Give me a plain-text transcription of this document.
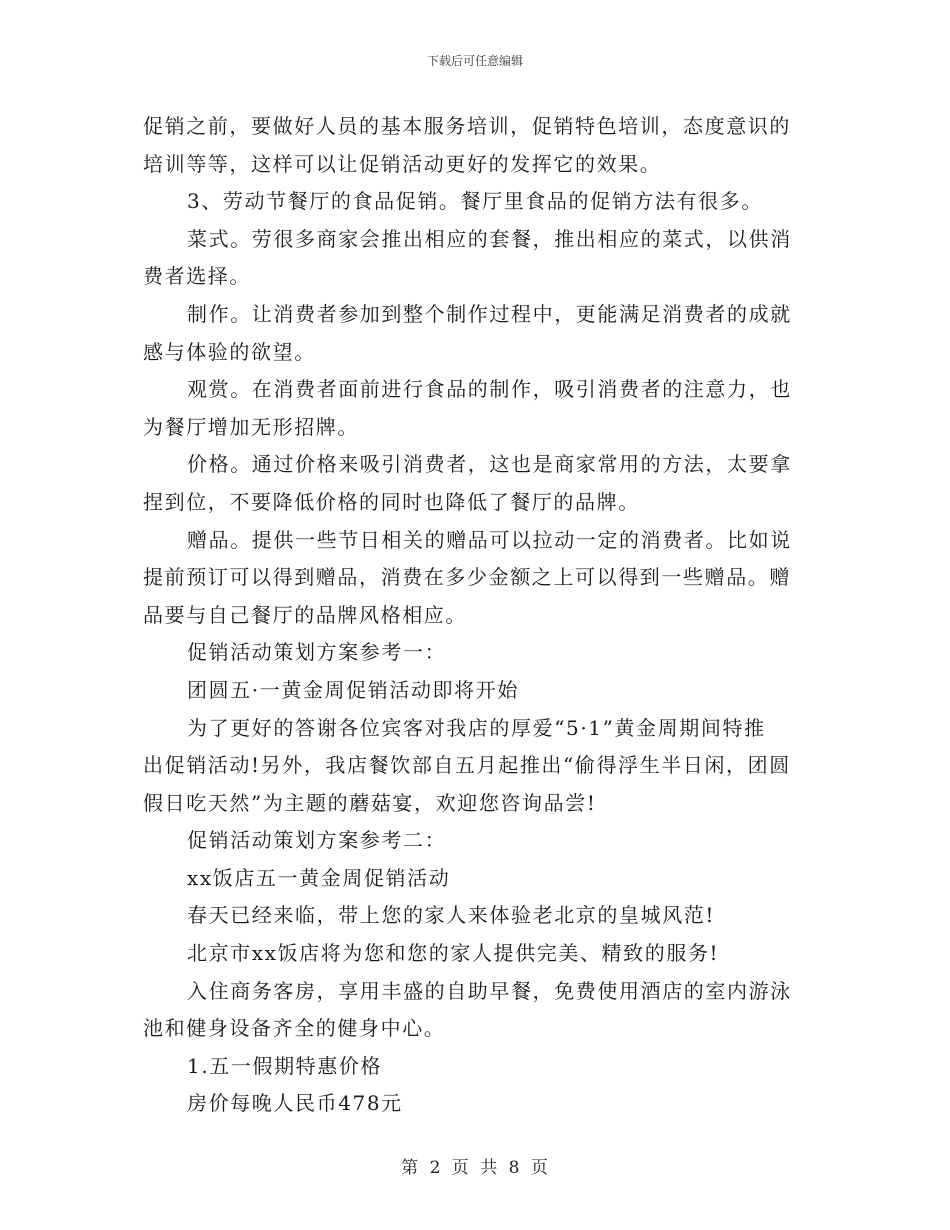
下载后可任意编辑
促销之前，要做好人员的基本服务培训，促销特色培训，态度意识的
培训等等，这样可以让促销活动更好的发挥它的效果。
3、劳动节餐厅的食品促销。餐厅里食品的促销方法有很多。
菜式。劳很多商家会推出相应的套餐，推出相应的菜式，以供消
费者选择。
制作。让消费者参加到整个制作过程中，更能满足消费者的成就
感与体验的欲望。
观赏。在消费者面前进行食品的制作，吸引消费者的注意力，也
为餐厅增加无形招牌。
价格。通过价格来吸引消费者，这也是商家常用的方法，太要拿
捏到位，不要降低价格的同时也降低了餐厅的品牌。
赠品。提供一些节日相关的赠品可以拉动一定的消费者。比如说
提前预订可以得到赠品，消费在多少金额之上可以得到一些赠品。赠
品要与自己餐厅的品牌风格相应。
促销活动策划方案参考一：
团圆五·一黄金周促销活动即将开始
为了更好的答谢各位宾客对我店的厚爱“5·1”黄金周期间特推
出促销活动!另外，我店餐饮部自五月起推出“偷得浮生半日闲，团圆
假日吃天然”为主题的蘑菇宴，欢迎您咨询品尝!
促销活动策划方案参考二：
xx饭店五一黄金周促销活动
春天已经来临，带上您的家人来体验老北京的皇城风范!
北京市xx饭店将为您和您的家人提供完美、精致的服务!
入住商务客房，享用丰盛的自助早餐，免费使用酒店的室内游泳
池和健身设备齐全的健身中心。
1.五一假期特惠价格
房价每晚人民币478元
第 2 页 共 8 页
